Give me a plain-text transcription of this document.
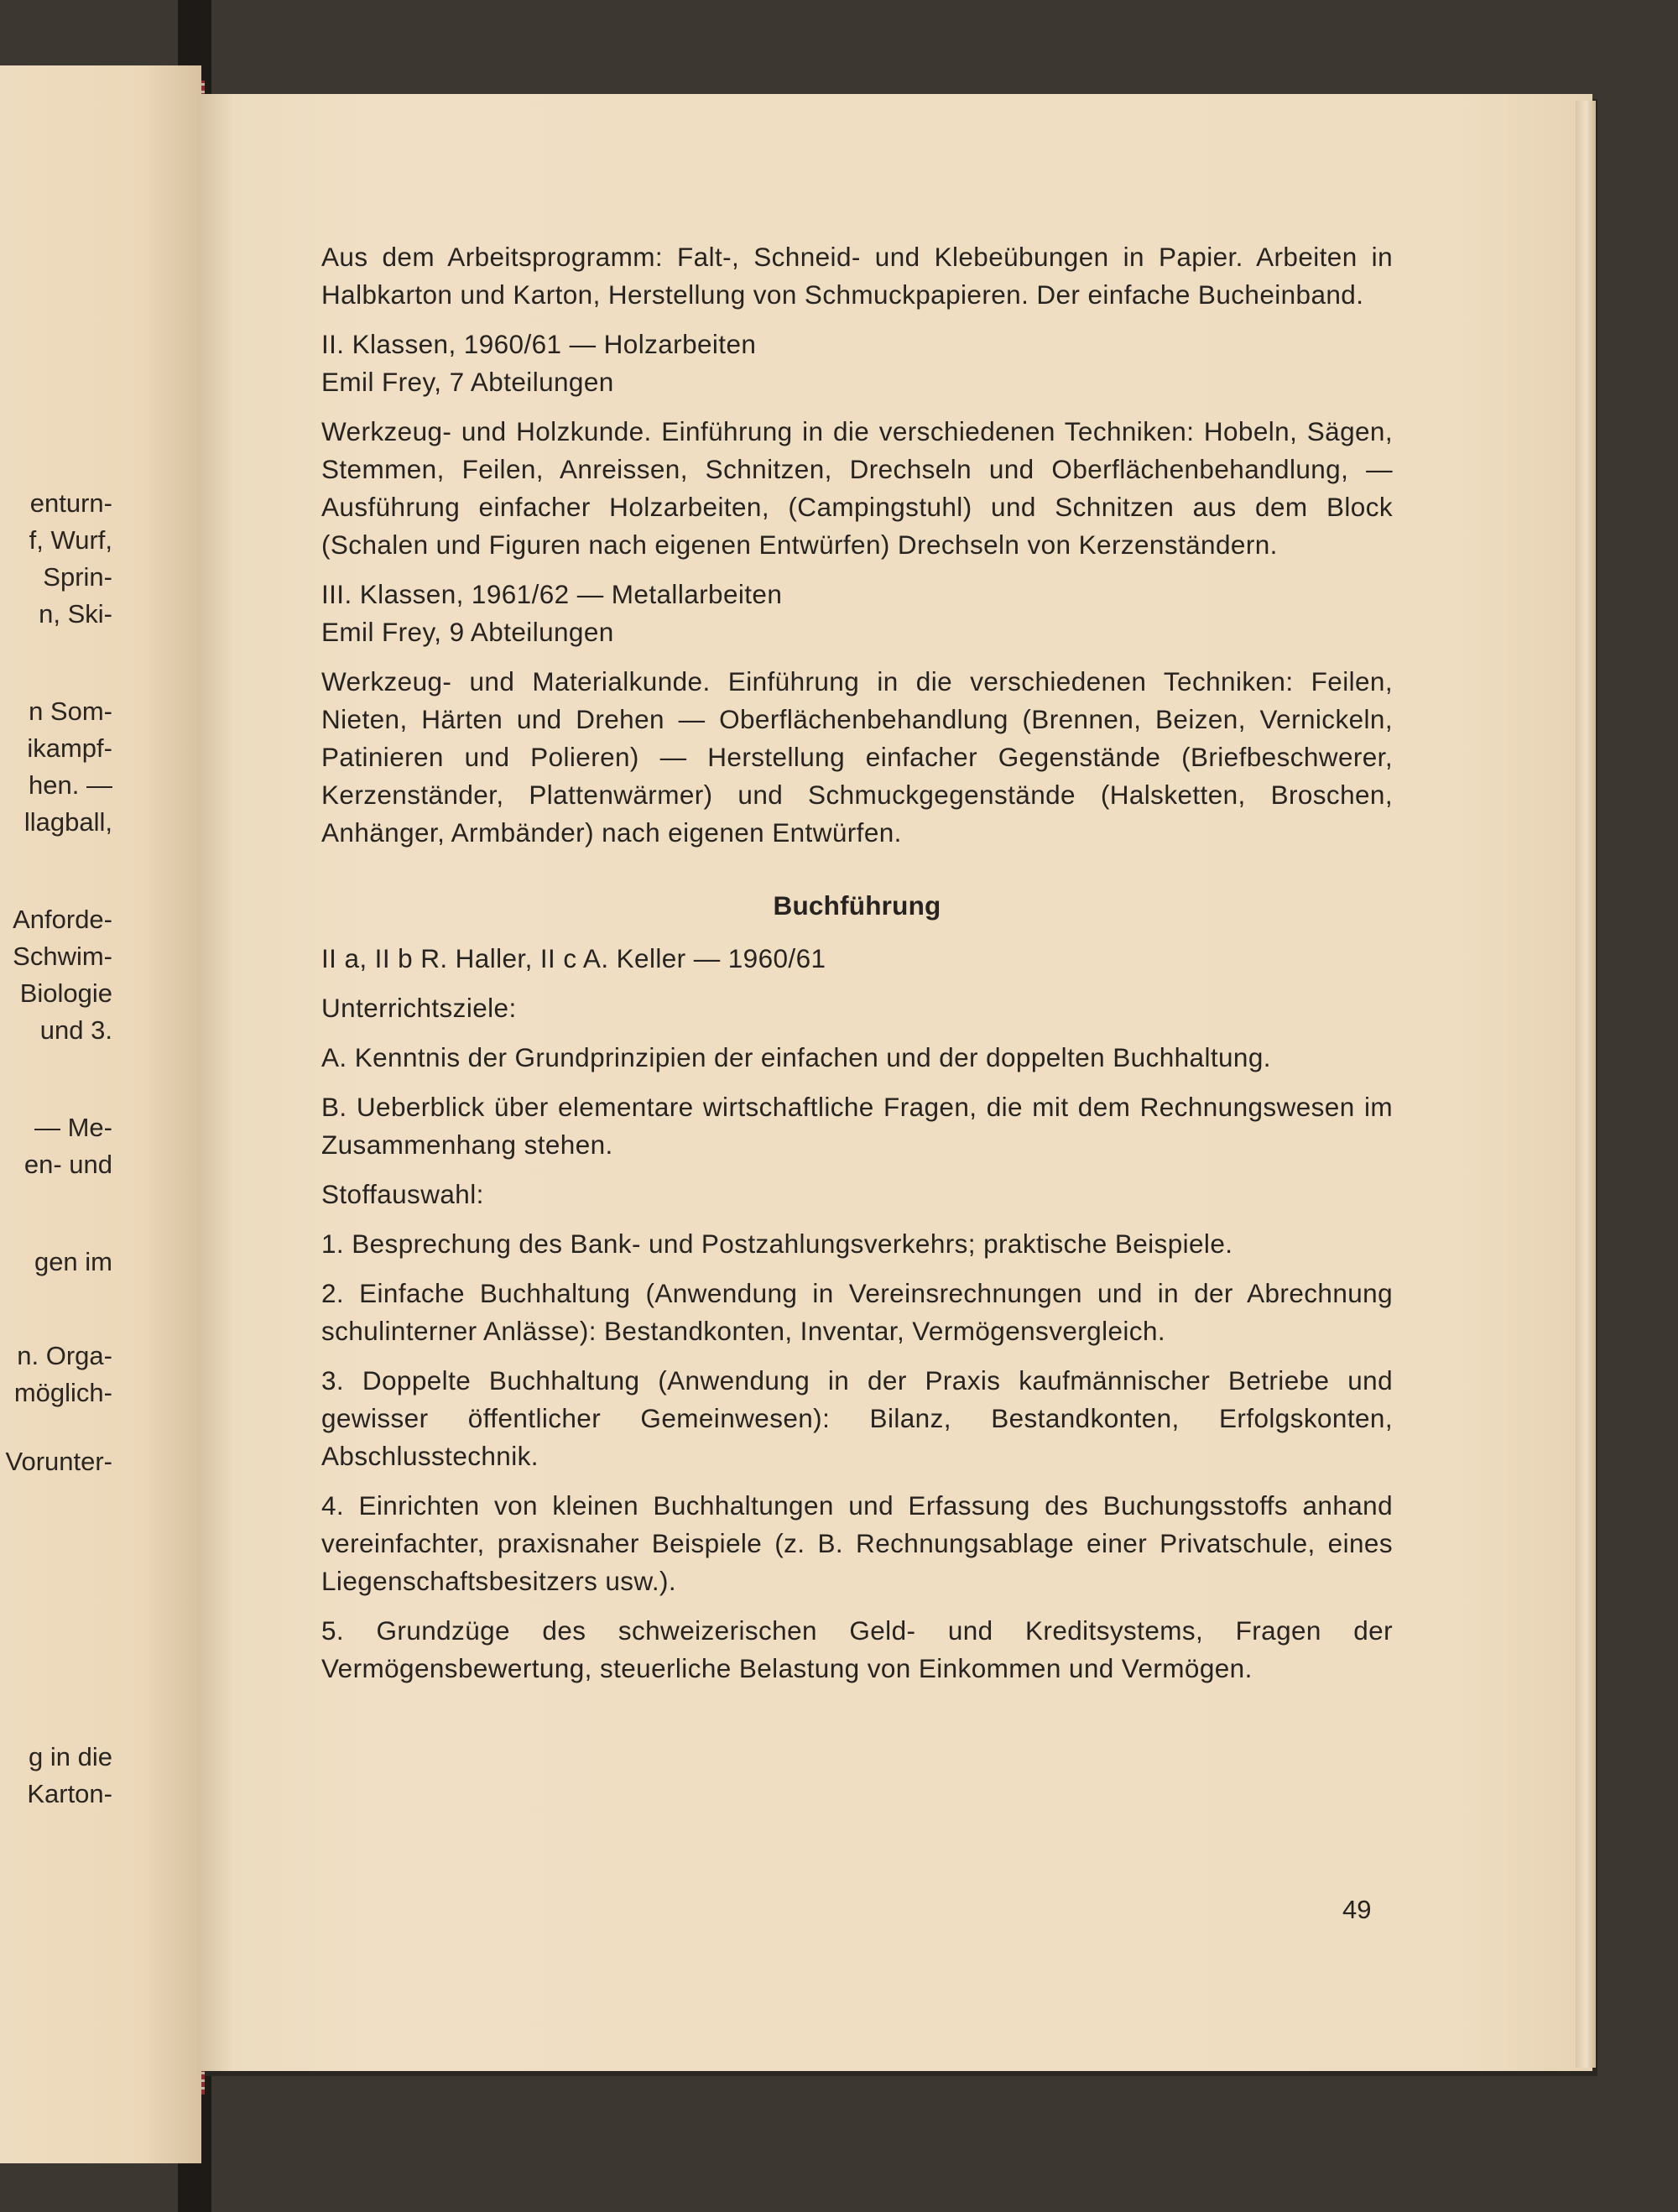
enturn-
f, Wurf,
Sprin-
n, Ski-
n Som-
ikampf-
hen. —
llagball,
Anforde-
Schwim-
Biologie
und 3.
— Me-
en- und
gen im
n. Orga-
möglich-
Vorunter-
g in die
Karton-

Aus dem Arbeitsprogramm: Falt-, Schneid- und Klebeübungen in Papier. Arbeiten in Halbkarton und Karton, Herstellung von Schmuckpapieren. Der einfache Bucheinband.

II. Klassen, 1960/61 — Holzarbeiten

Emil Frey, 7 Abteilungen

Werkzeug- und Holzkunde. Einführung in die verschiedenen Techniken: Hobeln, Sägen, Stemmen, Feilen, Anreissen, Schnitzen, Drechseln und Oberflächenbehandlung, — Ausführung einfacher Holzarbeiten, (Campingstuhl) und Schnitzen aus dem Block (Schalen und Figuren nach eigenen Entwürfen) Drechseln von Kerzenständern.

III. Klassen, 1961/62 — Metallarbeiten

Emil Frey, 9 Abteilungen

Werkzeug- und Materialkunde. Einführung in die verschiedenen Techniken: Feilen, Nieten, Härten und Drehen — Oberflächenbehandlung (Brennen, Beizen, Vernickeln, Patinieren und Polieren) — Herstellung einfacher Gegenstände (Briefbeschwerer, Kerzenständer, Plattenwärmer) und Schmuckgegenstände (Halsketten, Broschen, Anhänger, Armbänder) nach eigenen Entwürfen.

Buchführung

II a, II b R. Haller, II c A. Keller — 1960/61

Unterrichtsziele:

A. Kenntnis der Grundprinzipien der einfachen und der doppelten Buchhaltung.
B. Ueberblick über elementare wirtschaftliche Fragen, die mit dem Rechnungswesen im Zusammenhang stehen.

Stoffauswahl:

1. Besprechung des Bank- und Postzahlungsverkehrs; praktische Beispiele.
2. Einfache Buchhaltung (Anwendung in Vereinsrechnungen und in der Abrechnung schulinterner Anlässe): Bestandkonten, Inventar, Vermögensvergleich.
3. Doppelte Buchhaltung (Anwendung in der Praxis kaufmännischer Betriebe und gewisser öffentlicher Gemeinwesen): Bilanz, Bestandkonten, Erfolgskonten, Abschlusstechnik.
4. Einrichten von kleinen Buchhaltungen und Erfassung des Buchungsstoffs anhand vereinfachter, praxisnaher Beispiele (z. B. Rechnungsablage einer Privatschule, eines Liegenschaftsbesitzers usw.).
5. Grundzüge des schweizerischen Geld- und Kreditsystems, Fragen der Vermögensbewertung, steuerliche Belastung von Einkommen und Vermögen.
49
